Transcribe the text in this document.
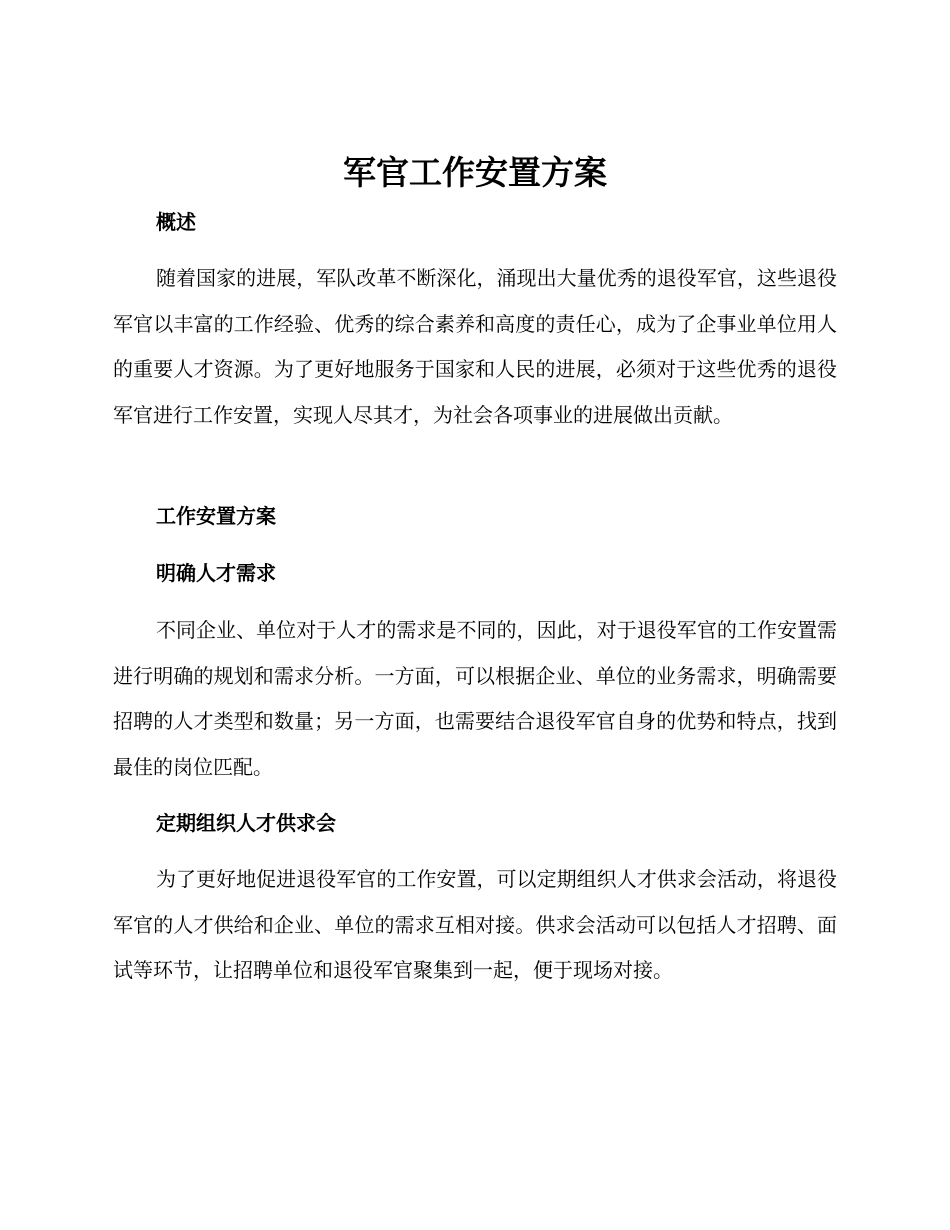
军官工作安置方案
概述

随着国家的进展，军队改革不断深化，涌现出大量优秀的退役军官，这些退役军官以丰富的工作经验、优秀的综合素养和高度的责任心，成为了企事业单位用人的重要人才资源。为了更好地服务于国家和人民的进展，必须对于这些优秀的退役军官进行工作安置，实现人尽其才，为社会各项事业的进展做出贡献。

工作安置方案
明确人才需求

不同企业、单位对于人才的需求是不同的，因此，对于退役军官的工作安置需进行明确的规划和需求分析。一方面，可以根据企业、单位的业务需求，明确需要招聘的人才类型和数量；另一方面，也需要结合退役军官自身的优势和特点，找到最佳的岗位匹配。

定期组织人才供求会

为了更好地促进退役军官的工作安置，可以定期组织人才供求会活动，将退役军官的人才供给和企业、单位的需求互相对接。供求会活动可以包括人才招聘、面试等环节，让招聘单位和退役军官聚集到一起，便于现场对接。
